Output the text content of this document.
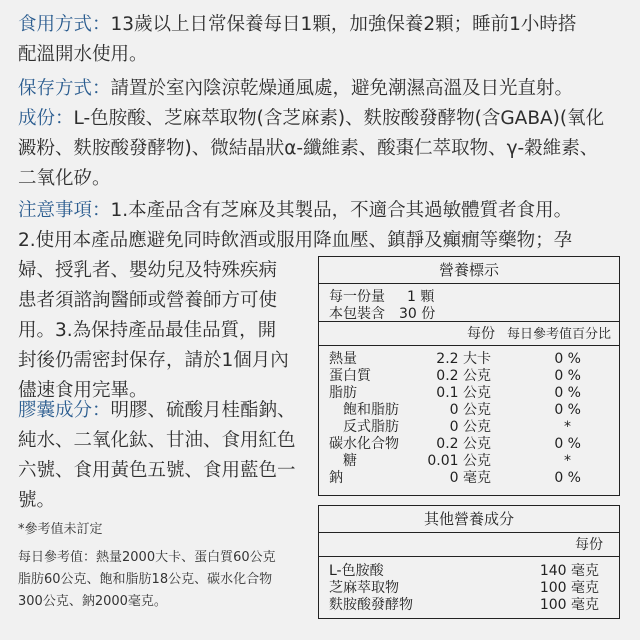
食用方式：13歲以上日常保養每日1顆，加強保養2顆；睡前1小時搭
配溫開水使用。
保存方式：請置於室內陰涼乾燥通風處，避免潮濕高溫及日光直射。
成份：L-色胺酸、芝麻萃取物(含芝麻素)、麩胺酸發酵物(含GABA)(氧化
澱粉、麩胺酸發酵物)、微結晶狀α-纖維素、酸棗仁萃取物、γ-穀維素、
二氧化矽。
注意事項：1.本產品含有芝麻及其製品，不適合其過敏體質者食用。
2.使用本產品應避免同時飲酒或服用降血壓、鎮靜及癲癇等藥物；孕
婦、授乳者、嬰幼兒及特殊疾病
患者須諮詢醫師或營養師方可使
用。3.為保持產品最佳品質，開
封後仍需密封保存，請於1個月內
儘速食用完畢。
膠囊成分：明膠、硫酸月桂酯鈉、
純水、二氧化鈦、甘油、食用紅色
六號、食用黃色五號、食用藍色一
號。
*參考值未訂定
每日參考值：熱量2000大卡、蛋白質60公克
脂肪60公克、飽和脂肪18公克、碳水化合物
300公克、鈉2000毫克。
營養標示
每一份量 1 顆
本包裝含 30 份
每份 每日參考值百分比
熱量	2.2 大卡	0 %
蛋白質	0.2 公克	0 %
脂肪	0.1 公克	0 %
飽和脂肪	0 公克	0 %
反式脂肪	0 公克	*
碳水化合物	0.2 公克	0 %
糖	0.01 公克	*
鈉	0 毫克	0 %
其他營養成分
每份
L-色胺酸	140 毫克
芝麻萃取物	100 毫克
麩胺酸發酵物	100 毫克
